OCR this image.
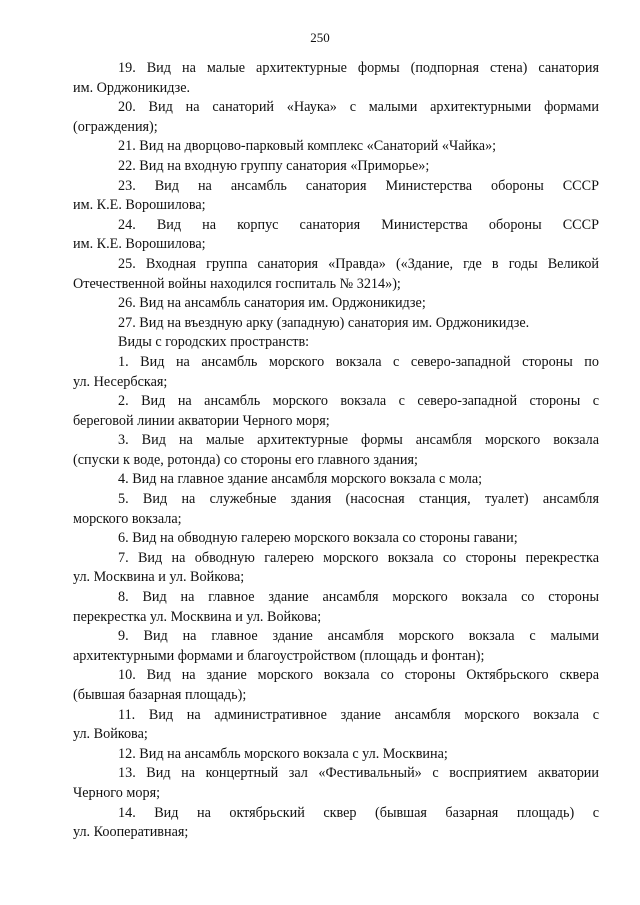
250
19. Вид на малые архитектурные формы (подпорная стена) санатория
им. Орджоникидзе.
20. Вид на санаторий «Наука» с малыми архитектурными формами
(ограждения);
21. Вид на дворцово-парковый комплекс «Санаторий «Чайка»;
22. Вид на входную группу санатория «Приморье»;
23. Вид на ансамбль санатория Министерства обороны СССР
им. К.Е. Ворошилова;
24. Вид на корпус санатория Министерства обороны СССР
им. К.Е. Ворошилова;
25. Входная группа санатория «Правда» («Здание, где в годы Великой
Отечественной войны находился госпиталь № 3214»);
26. Вид на ансамбль санатория им. Орджоникидзе;
27. Вид на въездную арку (западную) санатория им. Орджоникидзе.
Виды с городских пространств:
1. Вид на ансамбль морского вокзала с северо-западной стороны по
ул. Несербская;
2. Вид на ансамбль морского вокзала с северо-западной стороны с
береговой линии акватории Черного моря;
3. Вид на малые архитектурные формы ансамбля морского вокзала
(спуски к воде, ротонда) со стороны его главного здания;
4. Вид на главное здание ансамбля морского вокзала с мола;
5. Вид на служебные здания (насосная станция, туалет) ансамбля
морского вокзала;
6. Вид на обводную галерею морского вокзала со стороны гавани;
7. Вид на обводную галерею морского вокзала со стороны перекрестка
ул. Москвина и ул. Войкова;
8. Вид на главное здание ансамбля морского вокзала со стороны
перекрестка ул. Москвина и ул. Войкова;
9. Вид на главное здание ансамбля морского вокзала с малыми
архитектурными формами и благоустройством (площадь и фонтан);
10. Вид на здание морского вокзала со стороны Октябрьского сквера
(бывшая базарная площадь);
11. Вид на административное здание ансамбля морского вокзала с
ул. Войкова;
12. Вид на ансамбль морского вокзала с ул. Москвина;
13. Вид на концертный зал «Фестивальный» с восприятием акватории
Черного моря;
14. Вид на октябрьский сквер (бывшая базарная площадь) с
ул. Кооперативная;
